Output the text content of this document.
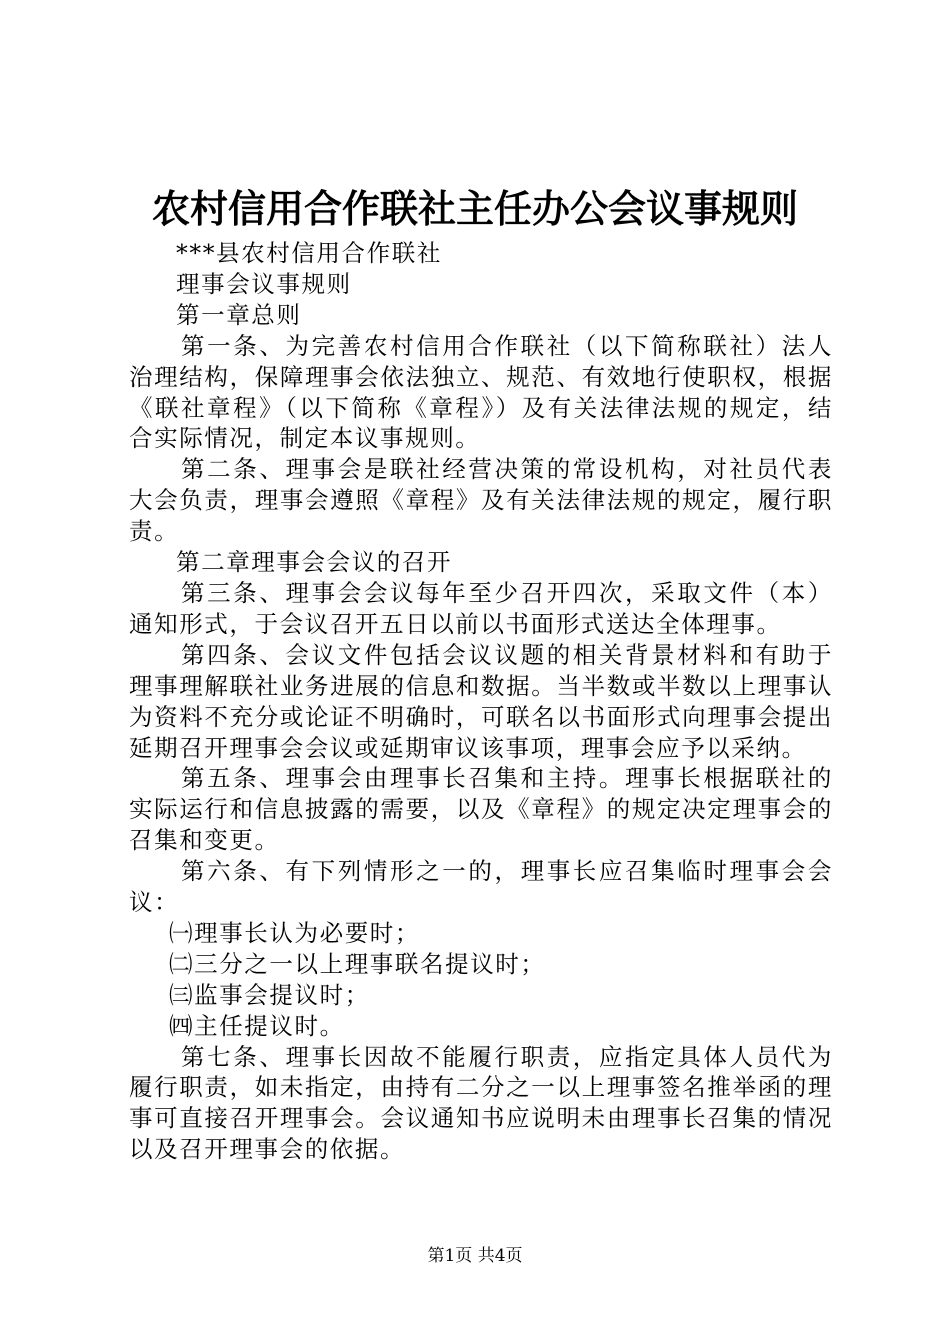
农村信用合作联社主任办公会议事规则

***县农村信用合作联社

理事会议事规则

第一章总则

第一条、为完善农村信用合作联社（以下简称联社）法人治理结构，保障理事会依法独立、规范、有效地行使职权，根据《联社章程》（以下简称《章程》）及有关法律法规的规定，结合实际情况，制定本议事规则。

第二条、理事会是联社经营决策的常设机构，对社员代表大会负责，理事会遵照《章程》及有关法律法规的规定，履行职责。

第二章理事会会议的召开

第三条、理事会会议每年至少召开四次，采取文件（本）通知形式，于会议召开五日以前以书面形式送达全体理事。

第四条、会议文件包括会议议题的相关背景材料和有助于理事理解联社业务进展的信息和数据。当半数或半数以上理事认为资料不充分或论证不明确时，可联名以书面形式向理事会提出延期召开理事会会议或延期审议该事项，理事会应予以采纳。

第五条、理事会由理事长召集和主持。理事长根据联社的实际运行和信息披露的需要，以及《章程》的规定决定理事会的召集和变更。

第六条、有下列情形之一的，理事长应召集临时理事会会议：

㈠理事长认为必要时；

㈡三分之一以上理事联名提议时；

㈢监事会提议时；

㈣主任提议时。

第七条、理事长因故不能履行职责，应指定具体人员代为履行职责，如未指定，由持有二分之一以上理事签名推举函的理事可直接召开理事会。会议通知书应说明未由理事长召集的情况以及召开理事会的依据。

第1页 共4页
